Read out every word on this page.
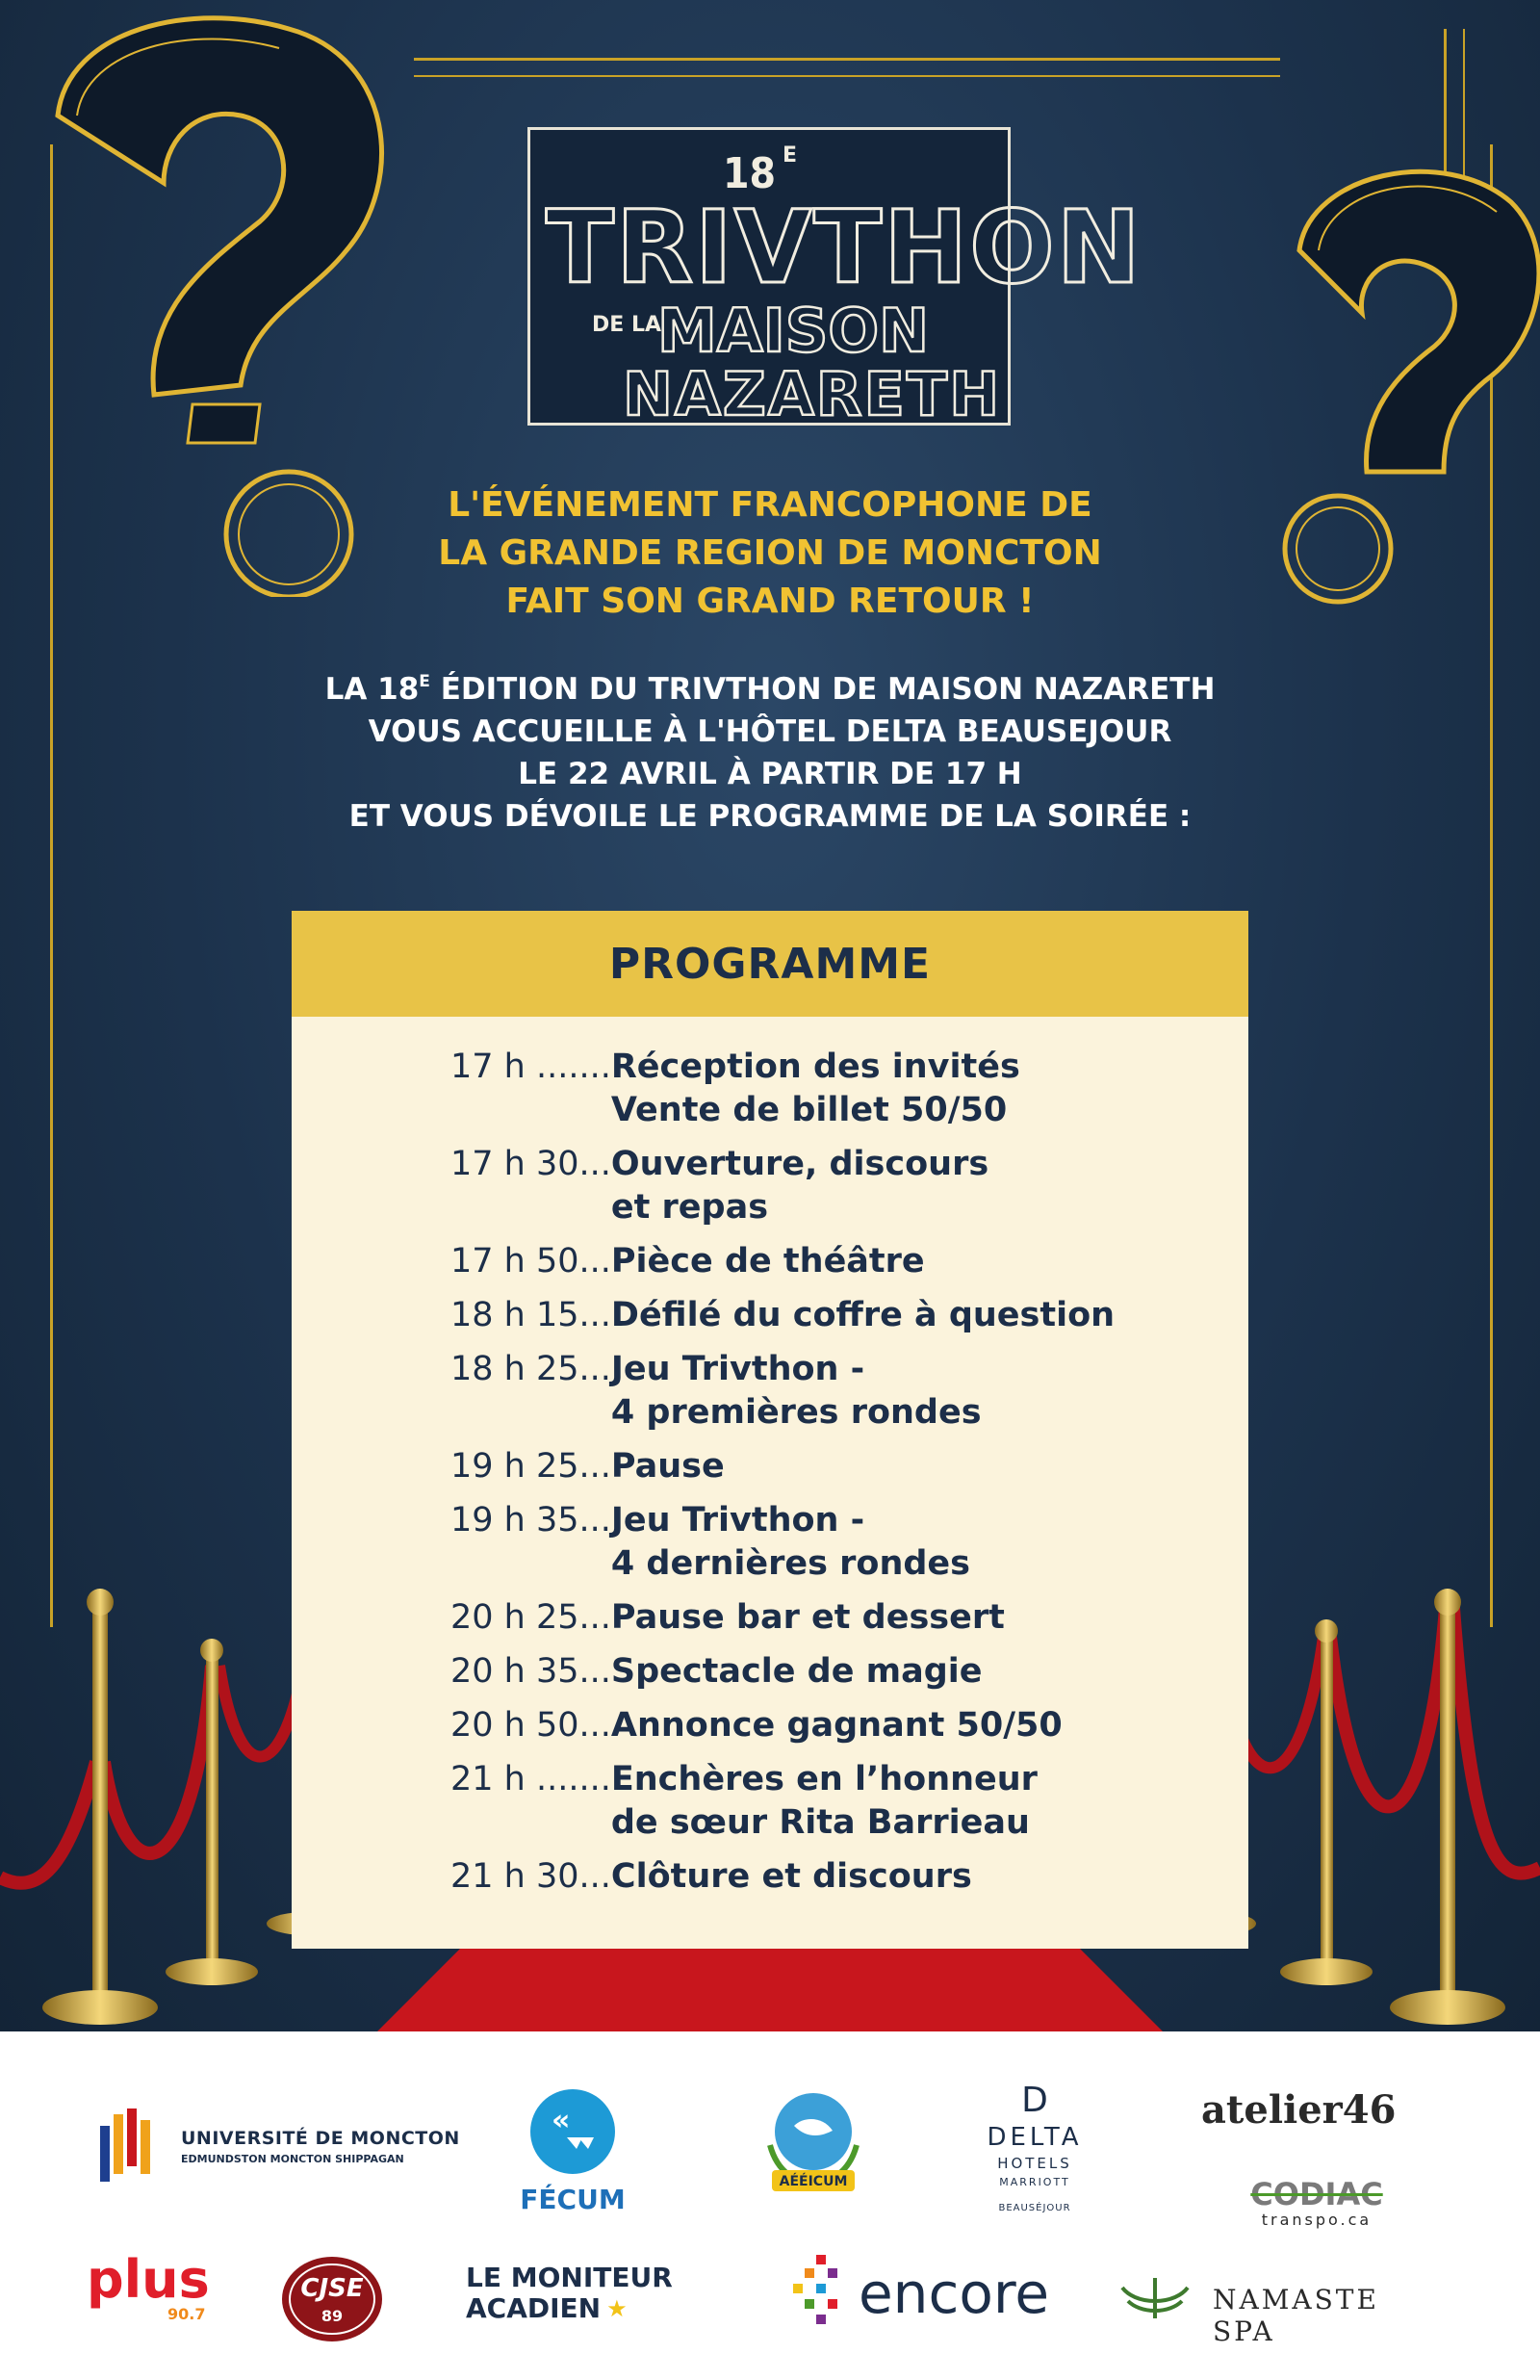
18 E
TRIVTHON
DE LA
MAISON
NAZARETH
L'ÉVÉNEMENT FRANCOPHONE DE
LA GRANDE REGION DE MONCTON
FAIT SON GRAND RETOUR !
LA $18^E$ ÉDITION DU TRIVTHON DE MAISON NAZARETH
VOUS ACCUEILLE À L'HÔTEL DELTA BEAUSEJOUR
LE 22 AVRIL À PARTIR DE 17 H
ET VOUS DÉVOILE LE PROGRAMME DE LA SOIRÉE :
PROGRAMME
17 h ....... Réception des invités
Vente de billet 50/50
17 h 30... Ouverture, discours
et repas
17 h 50... Pièce de théâtre
18 h 15... Défilé du coffre à question
18 h 25... Jeu Trivthon -
4 premières rondes
19 h 25... Pause
19 h 35... Jeu Trivthon -
4 dernières rondes
20 h 25... Pause bar et dessert
20 h 35... Spectacle de magie
20 h 50... Annonce gagnant 50/50
21 h ....... Enchères en l’honneur
de sœur Rita Barrieau
21 h 30... Clôture et discours
UNIVERSITÉ DE MONCTON
EDMUNDSTON MONCTON SHIPPAGAN
«
FÉCUM
AÉÉICUM
D
DELTA
HOTELS
MARRIOTT
BEAUSÉJOUR
atelier46
CODIAC
transpo.ca
plus
90.7
CJSE
89
LE MONITEUR
ACADIEN ★	encore	NAMASTE SPA
